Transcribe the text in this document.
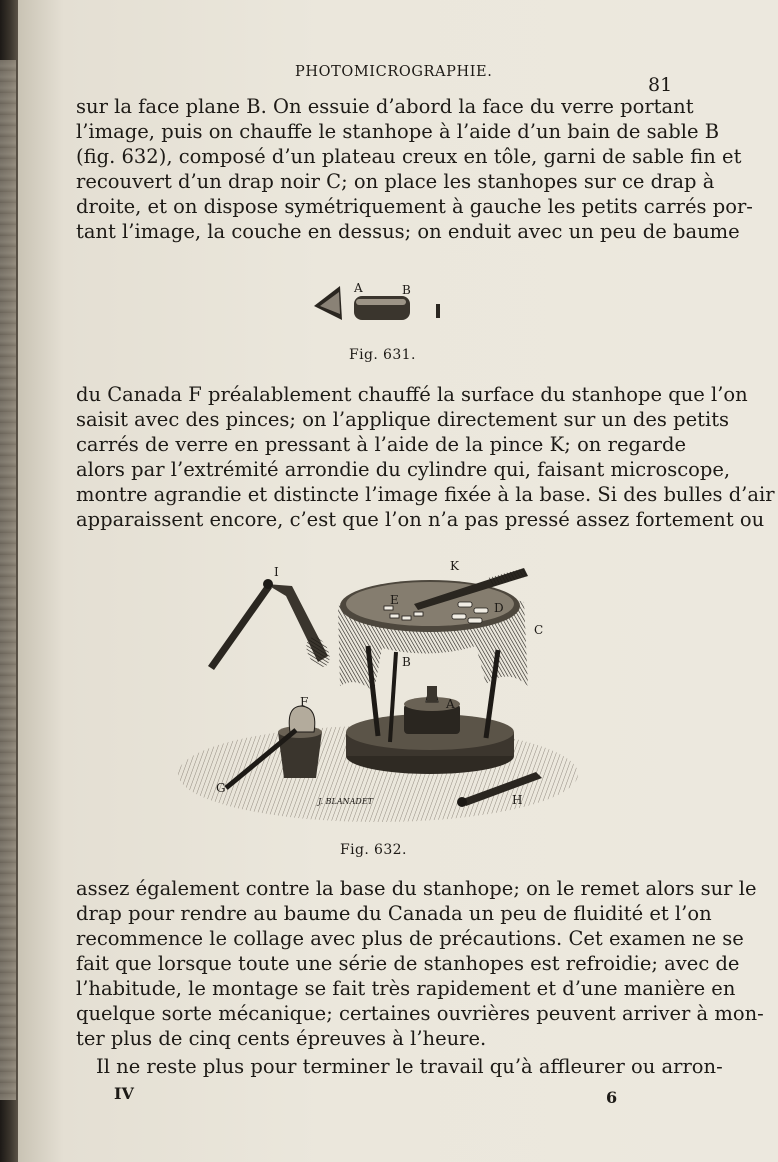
PHOTOMICROGRAPHIE.
81
sur la face plane B. On essuie d’abord la face du verre portant
l’image, puis on chauffe le stanhope à l’aide d’un bain de sable B
(fig. 632), composé d’un plateau creux en tôle, garni de sable fin et
recouvert d’un drap noir C; on place les stanhopes sur ce drap à
droite, et on dispose symétriquement à gauche les petits carrés por-
tant l’image, la couche en dessus; on enduit avec un peu de baume
A	B
Fig. 631.
du Canada F préalablement chauffé la surface du stanhope que l’on
saisit avec des pinces; on l’applique directement sur un des petits
carrés de verre en pressant à l’aide de la pince K; on regarde
alors par l’extrémité arrondie du cylindre qui, faisant microscope,
montre agrandie et distincte l’image fixée à la base. Si des bulles d’air
apparaissent encore, c’est que l’on n’a pas pressé assez fortement ou
I	K
E
D
C
B
A
F
G
H
J. BLANADET
Fig. 632.
assez également contre la base du stanhope; on le remet alors sur le
drap pour rendre au baume du Canada un peu de fluidité et l’on
recommence le collage avec plus de précautions. Cet examen ne se
fait que lorsque toute une série de stanhopes est refroidie; avec de
l’habitude, le montage se fait très rapidement et d’une manière en
quelque sorte mécanique; certaines ouvrières peuvent arriver à mon-
ter plus de cinq cents épreuves à l’heure.
Il ne reste plus pour terminer le travail qu’à affleurer ou arron-
IV	6
